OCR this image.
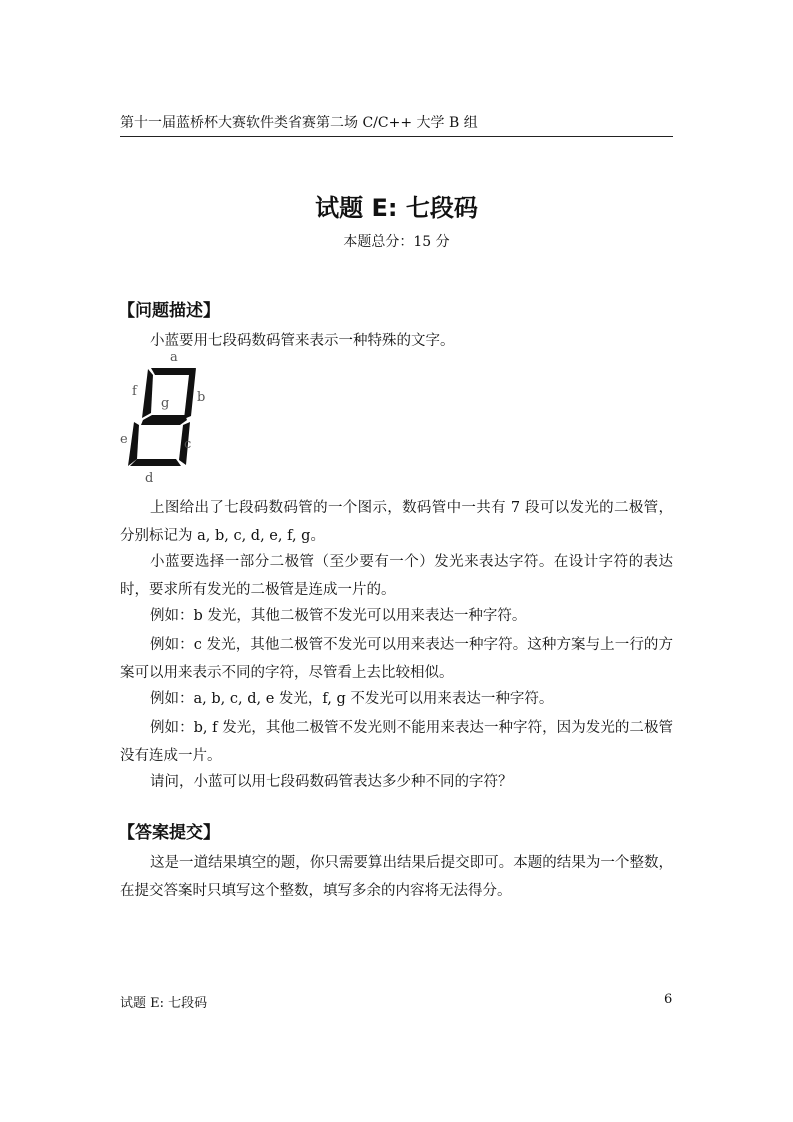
第十一届蓝桥杯大赛软件类省赛第二场 C/C++ 大学 B 组
试题 E: 七段码
本题总分：15 分
【问题描述】
小蓝要用七段码数码管来表示一种特殊的文字。
a
b
f
g
e	c
d
上图给出了七段码数码管的一个图示，数码管中一共有 7 段可以发光的二极管，分别标记为 a, b, c, d, e, f, g。
小蓝要选择一部分二极管（至少要有一个）发光来表达字符。在设计字符的表达时，要求所有发光的二极管是连成一片的。
例如：b 发光，其他二极管不发光可以用来表达一种字符。
例如：c 发光，其他二极管不发光可以用来表达一种字符。这种方案与上一行的方案可以用来表示不同的字符，尽管看上去比较相似。
例如：a, b, c, d, e 发光，f, g 不发光可以用来表达一种字符。
例如：b, f 发光，其他二极管不发光则不能用来表达一种字符，因为发光的二极管没有连成一片。
请问，小蓝可以用七段码数码管表达多少种不同的字符？
【答案提交】
这是一道结果填空的题，你只需要算出结果后提交即可。本题的结果为一个整数，在提交答案时只填写这个整数，填写多余的内容将无法得分。
试题 E: 七段码	6
